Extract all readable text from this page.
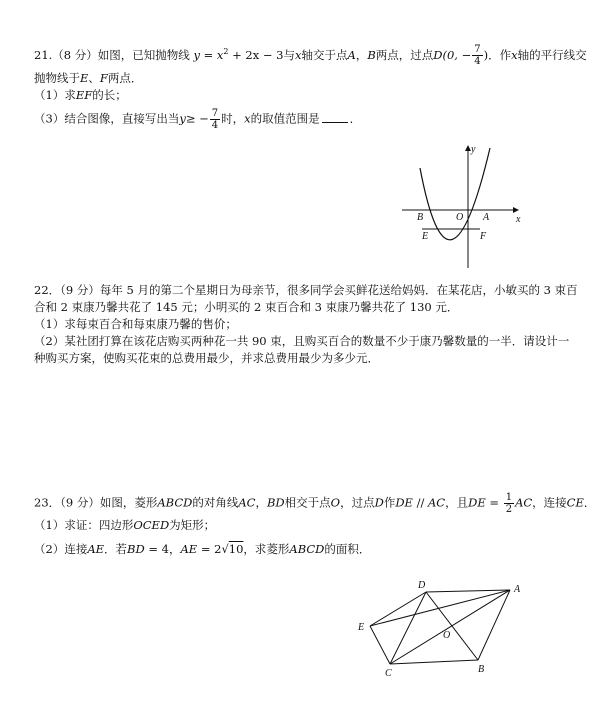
21.（8 分）如图，已知抛物线 $y = x^2 + 2x - 3$与x轴交于点A，B两点，过点D(0, − $\frac{7}{4}$ )．作x轴的平行线交
抛物线于E、F两点．
（1）求EF的长；
（3）结合图像，直接写出当$y\ge - \frac{7}{4}$ 时，x的取值范围是	．
y
x
B	O A
E	F
22．（9 分）每年 5 月的第二个星期日为母亲节，很多同学会买鲜花送给妈妈．在某花店，小敏买的 3 束百
合和 2 束康乃馨共花了 145 元；小明买的 2 束百合和 3 束康乃馨共花了 130 元．
（1）求每束百合和每束康乃馨的售价；
（2）某社团打算在该花店购买两种花一共 90 束，且购买百合的数量不少于康乃馨数量的一半．请设计一
种购买方案，使购买花束的总费用最少，并求总费用最少为多少元．
23．（9 分）如图，菱形ABCD的对角线AC，BD相交于点O，过点D作DE // AC，且DE = $\frac{1}{2}$ AC，连接CE．
（1）求证：四边形OCED为矩形；
（2）连接AE．若BD = 4，AE = 2√10，求菱形ABCD的面积．
D	A
E
O
C	B
